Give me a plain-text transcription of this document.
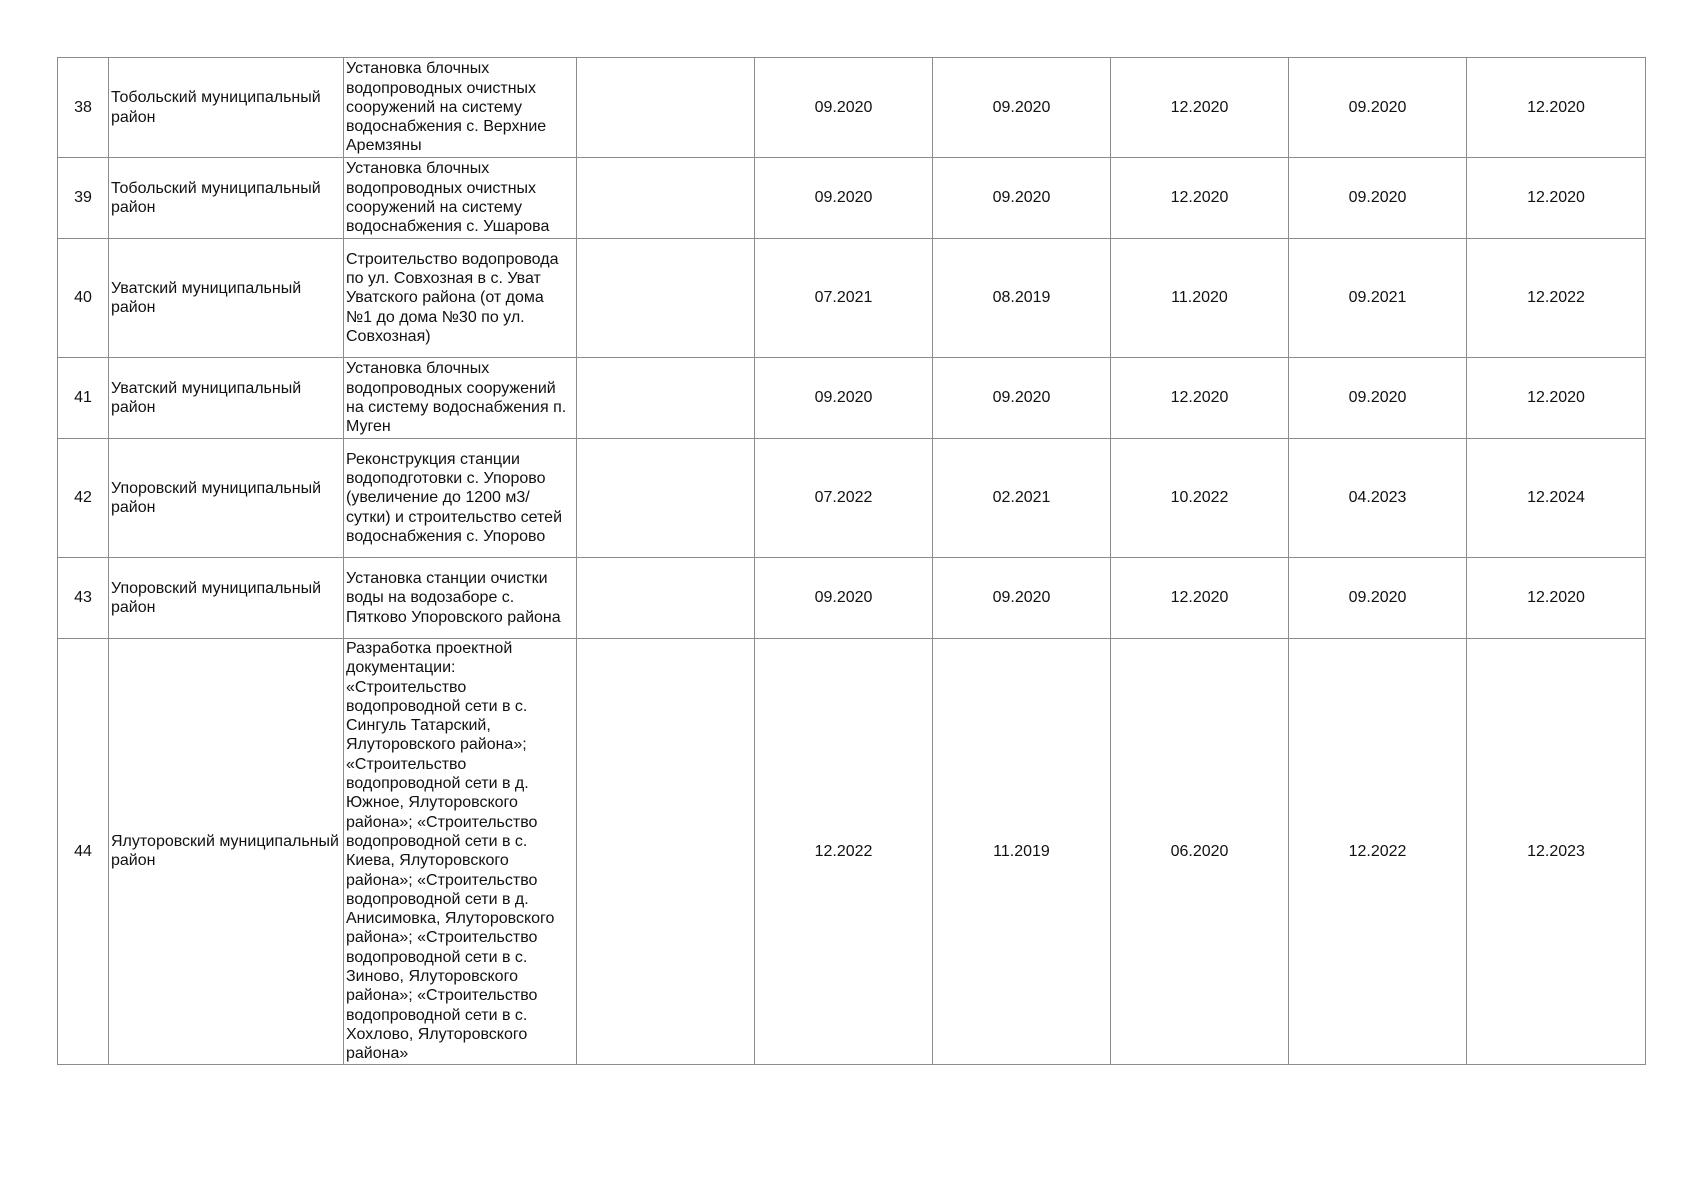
38	Тобольский муниципальный район	Установка блочных водопроводных очистных сооружений на систему водоснабжения с. Верхние Аремзяны		09.2020	09.2020	12.2020	09.2020	12.2020
39	Тобольский муниципальный район	Установка блочных водопроводных очистных сооружений на систему водоснабжения с. Ушарова		09.2020	09.2020	12.2020	09.2020	12.2020
40	Уватский муниципальный район	Строительство водопровода по ул. Совхозная в с. Уват Уватского района (от дома №1 до дома №30 по ул. Совхозная)		07.2021	08.2019	11.2020	09.2021	12.2022
41	Уватский муниципальный район	Установка блочных водопроводных сооружений на систему водоснабжения п. Муген		09.2020	09.2020	12.2020	09.2020	12.2020
42	Упоровский муниципальный район	Реконструкция станции водоподготовки с. Упорово (увеличение до 1200 м3/сутки) и строительство сетей водоснабжения с. Упорово		07.2022	02.2021	10.2022	04.2023	12.2024
43	Упоровский муниципальный район	Установка станции очистки воды на водозаборе с. Пятково Упоровского района		09.2020	09.2020	12.2020	09.2020	12.2020
44	Ялуторовский муниципальный район	Разработка проектной документации: «Строительство водопроводной сети в с. Сингуль Татарский, Ялуторовского района»; «Строительство водопроводной сети в д. Южное, Ялуторовского района»; «Строительство водопроводной сети в с. Киева, Ялуторовского района»; «Строительство водопроводной сети в д. Анисимовка, Ялуторовского района»; «Строительство водопроводной сети в с. Зиново, Ялуторовского района»; «Строительство водопроводной сети в с. Хохлово, Ялуторовского района»		12.2022	11.2019	06.2020	12.2022	12.2023
